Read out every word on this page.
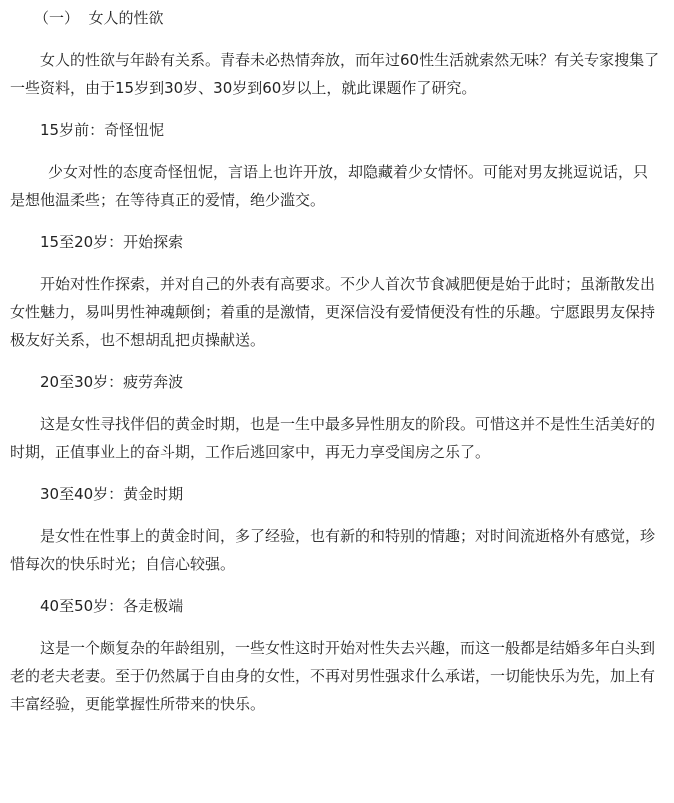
（一）  女人的性欲

女人的性欲与年龄有关系。青春未必热情奔放，而年过60性生活就索然无味？有关专家搜集了一些资料，由于15岁到30岁、30岁到60岁以上，就此课题作了研究。

15岁前：奇怪忸怩

少女对性的态度奇怪忸怩，言语上也许开放，却隐藏着少女情怀。可能对男友挑逗说话，只是想他温柔些；在等待真正的爱情，绝少滥交。

15至20岁：开始探索

开始对性作探索，并对自己的外表有高要求。不少人首次节食减肥便是始于此时；虽渐散发出女性魅力，易叫男性神魂颠倒；着重的是激情，更深信没有爱情便没有性的乐趣。宁愿跟男友保持极友好关系，也不想胡乱把贞操献送。

20至30岁：疲劳奔波

这是女性寻找伴侣的黄金时期，也是一生中最多异性朋友的阶段。可惜这并不是性生活美好的时期，正值事业上的奋斗期，工作后逃回家中，再无力享受闺房之乐了。

30至40岁：黄金时期

是女性在性事上的黄金时间，多了经验，也有新的和特别的情趣；对时间流逝格外有感觉，珍惜每次的快乐时光；自信心较强。

40至50岁：各走极端

这是一个颇复杂的年龄组别，一些女性这时开始对性失去兴趣，而这一般都是结婚多年白头到老的老夫老妻。至于仍然属于自由身的女性，不再对男性强求什么承诺，一切能快乐为先，加上有丰富经验，更能掌握性所带来的快乐。
